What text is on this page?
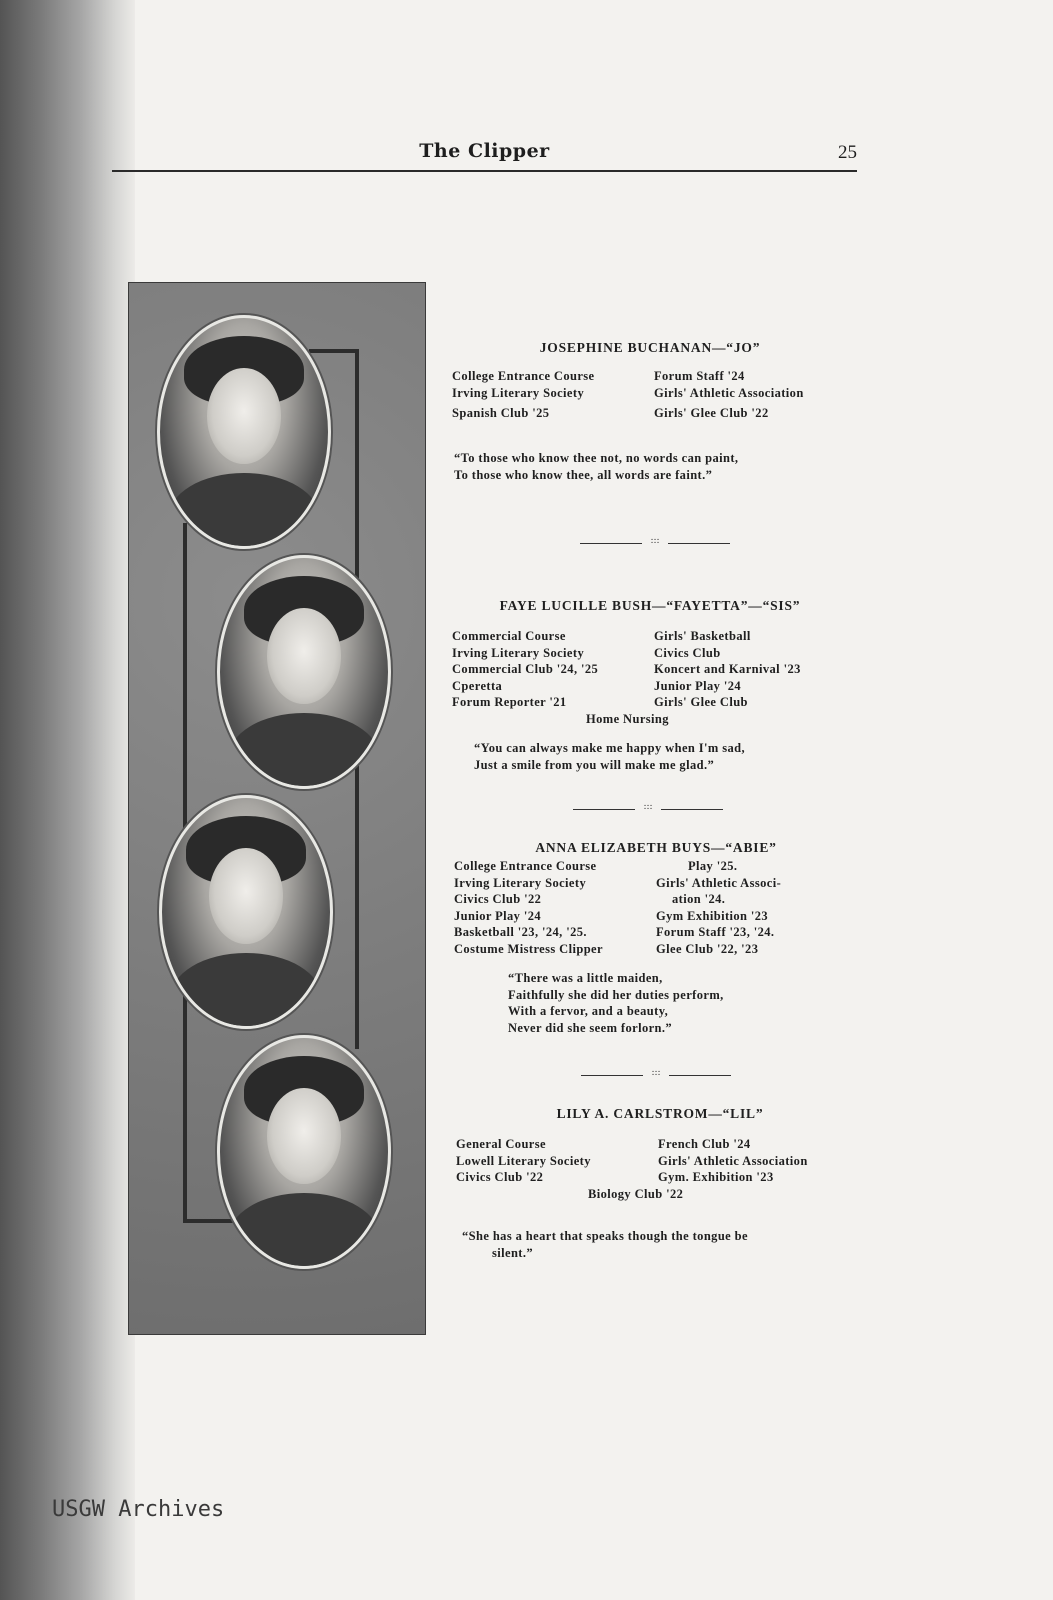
The Clipper	25
JOSEPHINE BUCHANAN—“JO”
College Entrance Course
Irving Literary Society
Spanish Club '25
Forum Staff '24
Girls' Athletic Association
Girls' Glee Club '22
“To those who know thee not, no words can paint,
To those who know thee, all words are faint.”
:::
FAYE LUCILLE BUSH—“FAYETTA”—“SIS”
Commercial Course
Irving Literary Society
Commercial Club '24, '25
Cperetta
Forum Reporter '21
Girls' Basketball
Civics Club
Koncert and Karnival '23
Junior Play '24
Girls' Glee Club
Home Nursing
“You can always make me happy when I'm sad,
Just a smile from you will make me glad.”
:::
ANNA ELIZABETH BUYS—“ABIE”
College Entrance Course
Irving Literary Society
Civics Club '22
Junior Play '24
Basketball '23, '24, '25.
Costume Mistress Clipper
Play '25.
Girls' Athletic Associ-
ation '24.
Gym Exhibition '23
Forum Staff '23, '24.
Glee Club '22, '23
“There was a little maiden,
Faithfully she did her duties perform,
With a fervor, and a beauty,
Never did she seem forlorn.”
:::
LILY A. CARLSTROM—“LIL”
General Course
Lowell Literary Society
Civics Club '22
French Club '24
Girls' Athletic Association
Gym. Exhibition '23
Biology Club '22
“She has a heart that speaks though the tongue be
silent.”
USGW Archives
